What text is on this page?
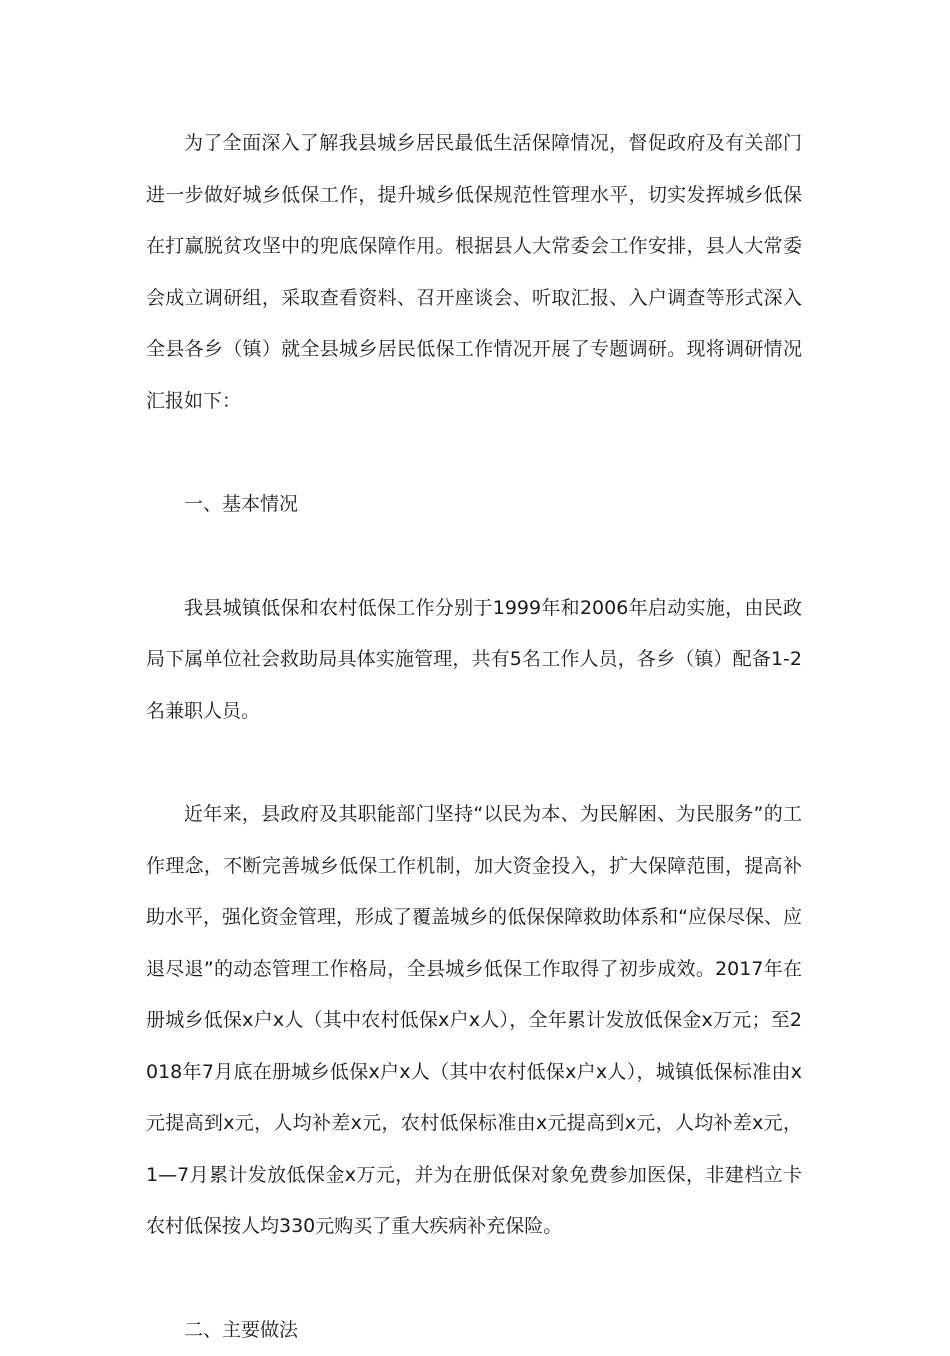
为了全面深入了解我县城乡居民最低生活保障情况，督促政府及有关部门进一步做好城乡低保工作，提升城乡低保规范性管理水平，切实发挥城乡低保在打赢脱贫攻坚中的兜底保障作用。根据县人大常委会工作安排，县人大常委会成立调研组，采取查看资料、召开座谈会、听取汇报、入户调查等形式深入全县各乡（镇）就全县城乡居民低保工作情况开展了专题调研。现将调研情况汇报如下：

一、基本情况

我县城镇低保和农村低保工作分别于1999年和2006年启动实施，由民政局下属单位社会救助局具体实施管理，共有5名工作人员，各乡（镇）配备1-2名兼职人员。

近年来，县政府及其职能部门坚持“以民为本、为民解困、为民服务”的工作理念，不断完善城乡低保工作机制，加大资金投入，扩大保障范围，提高补助水平，强化资金管理，形成了覆盖城乡的低保保障救助体系和“应保尽保、应退尽退”的动态管理工作格局，全县城乡低保工作取得了初步成效。2017年在册城乡低保x户x人（其中农村低保x户x人），全年累计发放低保金x万元；至2018年7月底在册城乡低保x户x人（其中农村低保x户x人），城镇低保标准由x元提高到x元，人均补差x元，农村低保标准由x元提高到x元，人均补差x元，1—7月累计发放低保金x万元，并为在册低保对象免费参加医保，非建档立卡农村低保按人均330元购买了重大疾病补充保险。

二、主要做法
